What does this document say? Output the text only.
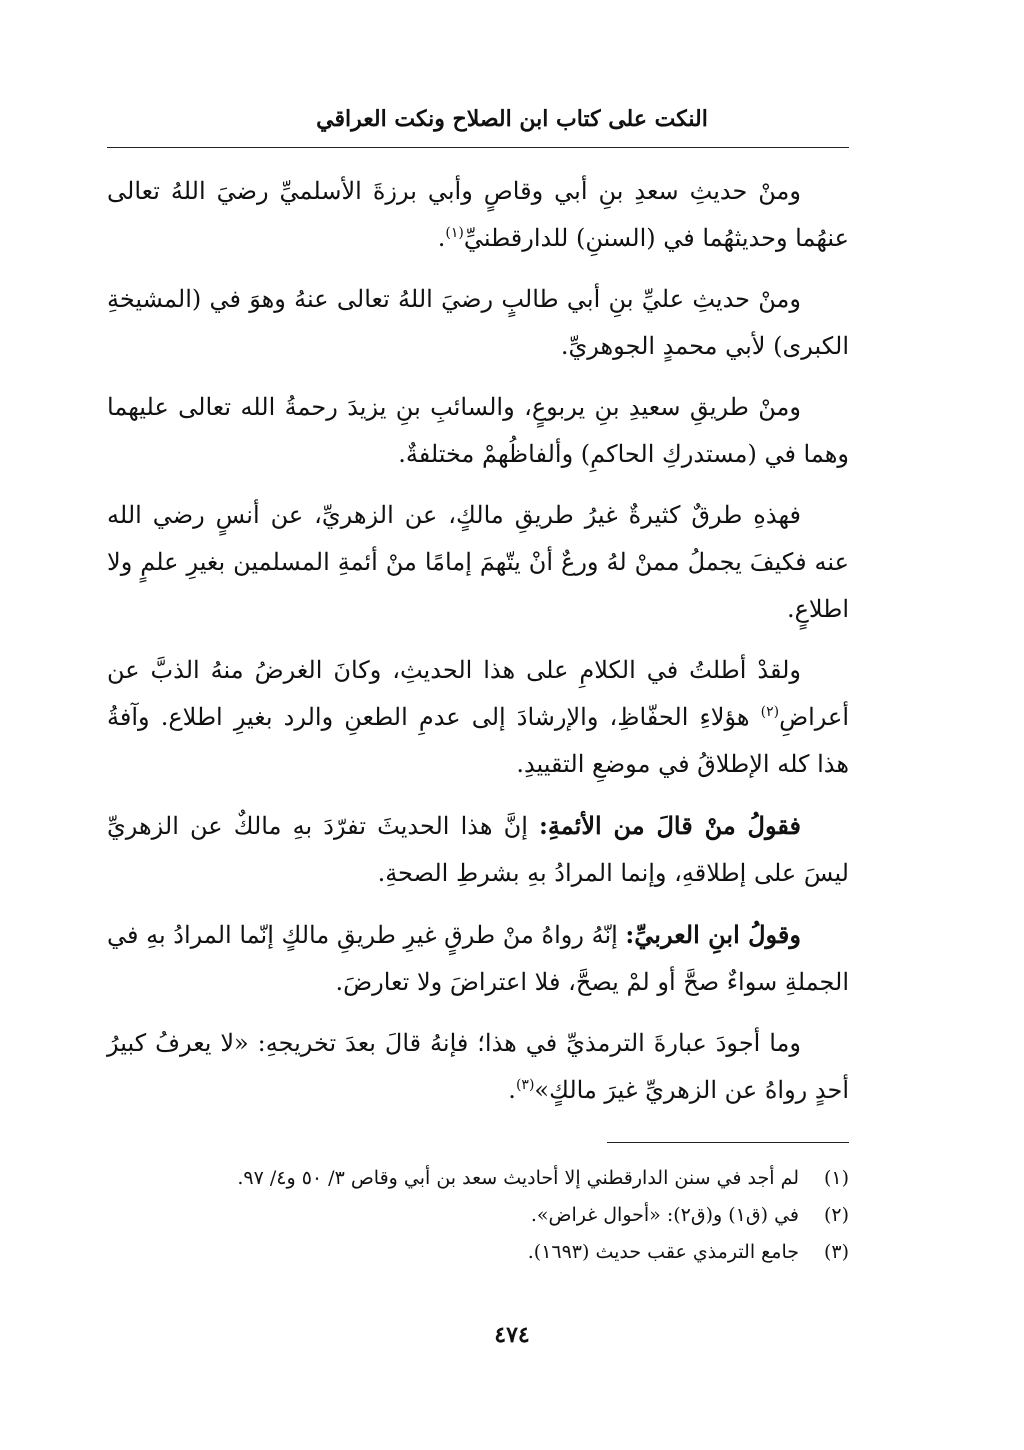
النكت على كتاب ابن الصلاح ونكت العراقي

ومنْ حديثِ سعدِ بنِ أبي وقاصٍ وأبي برزةَ الأسلميِّ رضيَ اللهُ تعالى عنهُما وحديثهُما في (السننِ) للدارقطنيِّ$^{(١)}$.

ومنْ حديثِ عليِّ بنِ أبي طالبٍ رضيَ اللهُ تعالى عنهُ وهوَ في (المشيخةِ الكبرى) لأبي محمدٍ الجوهريِّ.

ومنْ طريقِ سعيدِ بنِ يربوعٍ، والسائبِ بنِ يزيدَ رحمةُ الله تعالى عليهما وهما في (مستدركِ الحاكمِ) وألفاظُهمْ مختلفةٌ.

فهذهِ طرقٌ كثيرةٌ غيرُ طريقِ مالكٍ، عن الزهريِّ، عن أنسٍ رضي الله عنه فكيفَ يجملُ ممنْ لهُ ورعٌ أنْ يتّهمَ إمامًا منْ أئمةِ المسلمين بغيرِ علمٍ ولا اطلاعٍ.

ولقدْ أطلتُ في الكلامِ على هذا الحديثِ، وكانَ الغرضُ منهُ الذبَّ عن أعراضِ$^{(٢)}$ هؤلاءِ الحفّاظِ، والإرشادَ إلى عدمِ الطعنِ والرد بغيرِ اطلاع. وآفةُ هذا كله الإطلاقُ في موضعِ التقييدِ.

فقولُ منْ قالَ من الأئمةِ: إنَّ هذا الحديثَ تفرّدَ بهِ مالكٌ عن الزهريِّ ليسَ على إطلاقهِ، وإنما المرادُ بهِ بشرطِ الصحةِ.

وقولُ ابنِ العربيِّ: إنّهُ رواهُ منْ طرقٍ غيرِ طريقِ مالكٍ إنّما المرادُ بهِ في الجملةِ سواءٌ صحَّ أو لمْ يصحَّ، فلا اعتراضَ ولا تعارضَ.

وما أجودَ عبارةَ الترمذيِّ في هذا؛ فإنهُ قالَ بعدَ تخريجهِ: «لا يعرفُ كبيرُ أحدٍ رواهُ عن الزهريِّ غيرَ مالكٍ»$^{(٣)}$.

(١)
لم أجد في سنن الدارقطني إلا أحاديث سعد بن أبي وقاص ٣/ ٥٠ و٤/ ٩٧.
(٢)
في (ق١) و(ق٢): «أحوال غراض».
(٣)
جامع الترمذي عقب حديث (١٦٩٣).
٤٧٤
